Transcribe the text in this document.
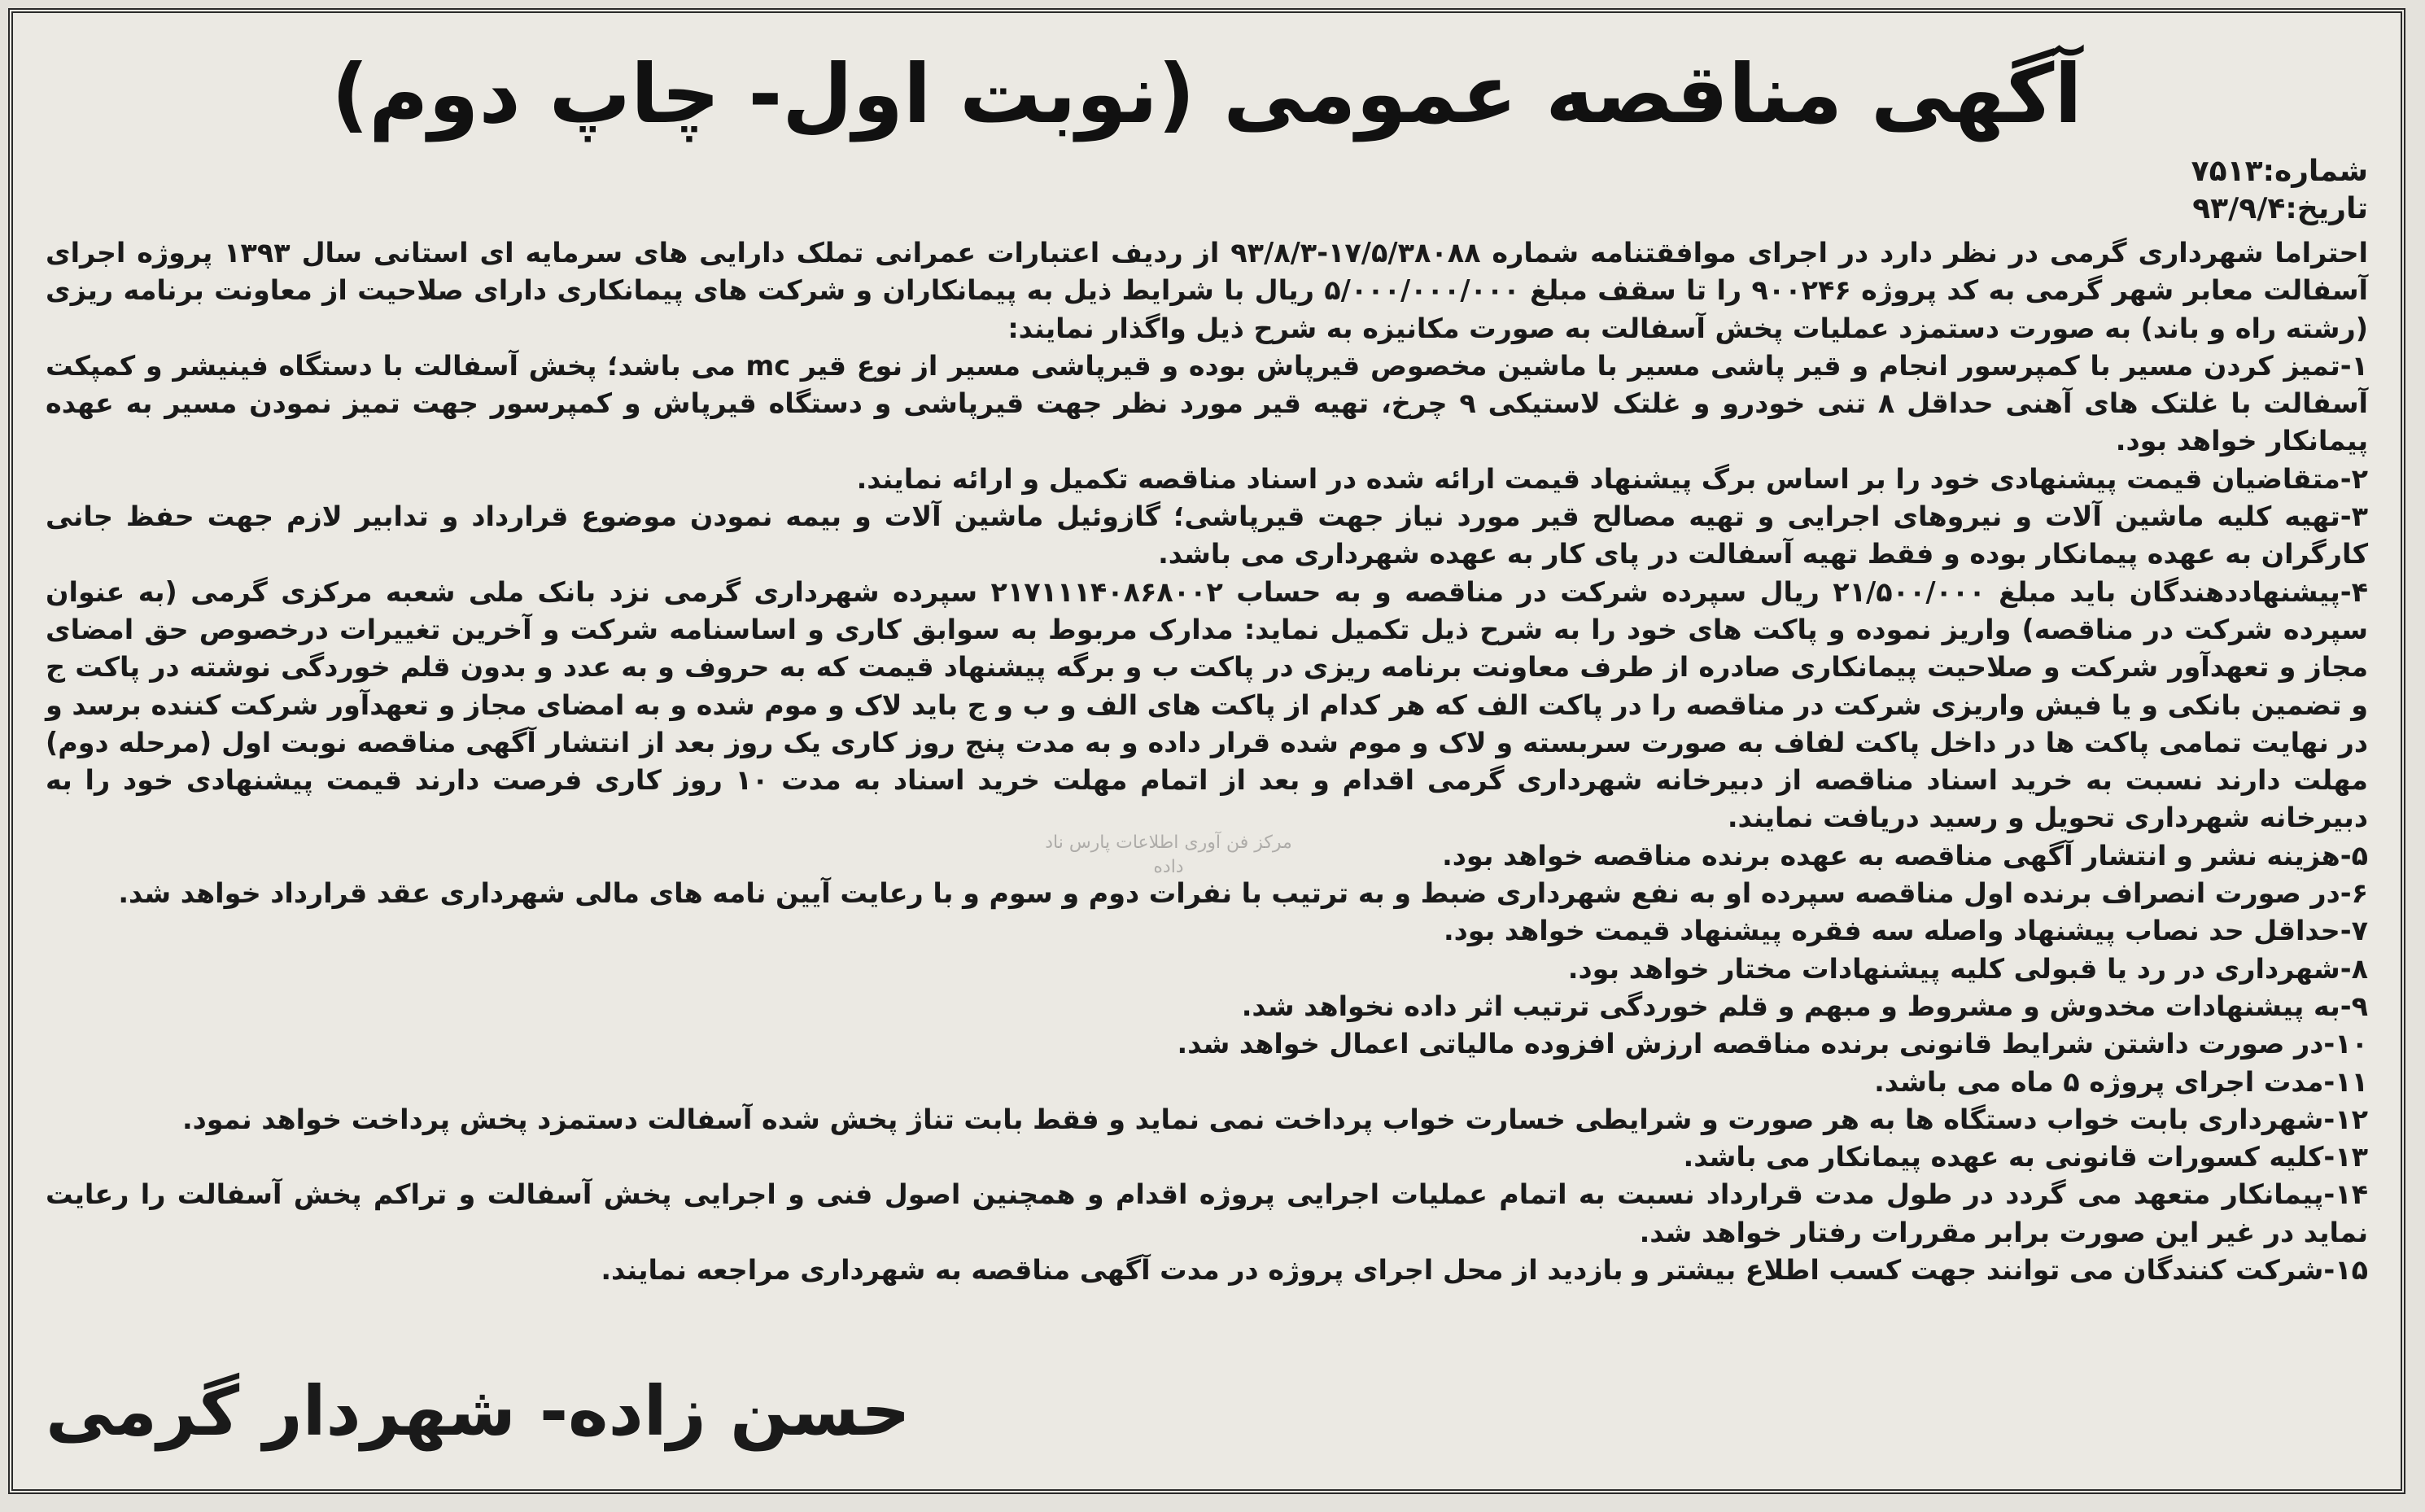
آگهی مناقصه عمومی (نوبت اول- چاپ دوم)
شماره:۷۵۱۳
تاریخ:۹۳/۹/۴

احتراما شهرداری گرمی در نظر دارد در اجرای موافقتنامه شماره ۱۷/۵/۳۸۰۸۸-۹۳/۸/۳ از ردیف اعتبارات عمرانی تملک دارایی های سرمایه ای استانی سال ۱۳۹۳ پروژه اجرای آسفالت معابر شهر گرمی به کد پروژه ۹۰۰۲۴۶ را تا سقف مبلغ ۵/۰۰۰/۰۰۰/۰۰۰ ریال با شرایط ذیل به پیمانکاران و شرکت های پیمانکاری دارای صلاحیت از معاونت برنامه ریزی (رشته راه و باند) به صورت دستمزد عملیات پخش آسفالت به صورت مکانیزه به شرح ذیل واگذار نمایند:

۱-تمیز کردن مسیر با کمپرسور انجام و قیر پاشی مسیر با ماشین مخصوص قیرپاش بوده و قیرپاشی مسیر از نوع قیر mc می باشد؛ پخش آسفالت با دستگاه فینیشر و کمپکت آسفالت با غلتک های آهنی حداقل ۸ تنی خودرو و غلتک لاستیکی ۹ چرخ، تهیه قیر مورد نظر جهت قیرپاشی و دستگاه قیرپاش و کمپرسور جهت تمیز نمودن مسیر به عهده پیمانکار خواهد بود.

۲-متقاضیان قیمت پیشنهادی خود را بر اساس برگ پیشنهاد قیمت ارائه شده در اسناد مناقصه تکمیل و ارائه نمایند.

۳-تهیه کلیه ماشین آلات و نیروهای اجرایی و تهیه مصالح قیر مورد نیاز جهت قیرپاشی؛ گازوئیل ماشین آلات و بیمه نمودن موضوع قرارداد و تدابیر لازم جهت حفظ جانی کارگران به عهده پیمانکار بوده و فقط تهیه آسفالت در پای کار به عهده شهرداری می باشد.

۴-پیشنهاددهندگان باید مبلغ ۲۱/۵۰۰/۰۰۰ ریال سپرده شرکت در مناقصه و به حساب ۲۱۷۱۱۱۴۰۸۶۸۰۰۲ سپرده شهرداری گرمی نزد بانک ملی شعبه مرکزی گرمی (به عنوان سپرده شرکت در مناقصه) واریز نموده و پاکت های خود را به شرح ذیل تکمیل نماید: مدارک مربوط به سوابق کاری و اساسنامه شرکت و آخرین تغییرات درخصوص حق امضای مجاز و تعهدآور شرکت و صلاحیت پیمانکاری صادره از طرف معاونت برنامه ریزی در پاکت ب و برگه پیشنهاد قیمت که به حروف و به عدد و بدون قلم خوردگی نوشته در پاکت ج و تضمین بانکی و یا فیش واریزی شرکت در مناقصه را در پاکت الف که هر کدام از پاکت های الف و ب و ج باید لاک و موم شده و به امضای مجاز و تعهدآور شرکت کننده برسد و در نهایت تمامی پاکت ها در داخل پاکت لفاف به صورت سربسته و لاک و موم شده قرار داده و به مدت پنج روز کاری یک روز بعد از انتشار آگهی مناقصه نوبت اول (مرحله دوم) مهلت دارند نسبت به خرید اسناد مناقصه از دبیرخانه شهرداری گرمی اقدام و بعد از اتمام مهلت خرید اسناد به مدت ۱۰ روز کاری فرصت دارند قیمت پیشنهادی خود را به دبیرخانه شهرداری تحویل و رسید دریافت نمایند.

۵-هزینه نشر و انتشار آگهی مناقصه به عهده برنده مناقصه خواهد بود.

۶-در صورت انصراف برنده اول مناقصه سپرده او به نفع شهرداری ضبط و به ترتیب با نفرات دوم و سوم و با رعایت آیین نامه های مالی شهرداری عقد قرارداد خواهد شد.

۷-حداقل حد نصاب پیشنهاد واصله سه فقره پیشنهاد قیمت خواهد بود.

۸-شهرداری در رد یا قبولی کلیه پیشنهادات مختار خواهد بود.

۹-به پیشنهادات مخدوش و مشروط و مبهم و قلم خوردگی ترتیب اثر داده نخواهد شد.

۱۰-در صورت داشتن شرایط قانونی برنده مناقصه ارزش افزوده مالیاتی اعمال خواهد شد.

۱۱-مدت اجرای پروژه ۵ ماه می باشد.

۱۲-شهرداری بابت خواب دستگاه ها به هر صورت و شرایطی خسارت خواب پرداخت نمی نماید و فقط بابت تناژ پخش شده آسفالت دستمزد پخش پرداخت خواهد نمود.

۱۳-کلیه کسورات قانونی به عهده پیمانکار می باشد.

۱۴-پیمانکار متعهد می گردد در طول مدت قرارداد نسبت به اتمام عملیات اجرایی پروژه اقدام و همچنین اصول فنی و اجرایی پخش آسفالت و تراکم پخش آسفالت را رعایت نماید در غیر این صورت برابر مقررات رفتار خواهد شد.

۱۵-شرکت کنندگان می توانند جهت کسب اطلاع بیشتر و بازدید از محل اجرای پروژه در مدت آگهی مناقصه به شهرداری مراجعه نمایند.

مرکز فن آوری اطلاعات پارس ناد داده
حسن زاده- شهردار گرمی
